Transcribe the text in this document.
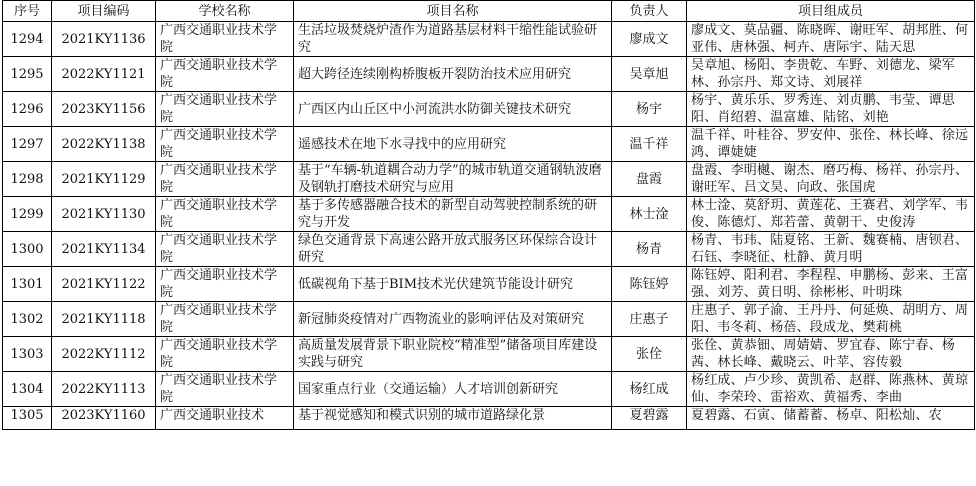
序号	项目编码	学校名称	项目名称	负责人	项目组成员
1294	2021KY1136	广西交通职业技术学院	生活垃圾焚烧炉渣作为道路基层材料干缩性能试验研究	廖成文	廖成文、莫品疆、陈晓晖、谢旺军、胡邦胜、何亚伟、唐林强、柯卉、唐际宇、陆天思
1295	2022KY1121	广西交通职业技术学院	超大跨径连续刚构桥腹板开裂防治技术应用研究	吴章旭	吴章旭、杨阳、李贵乾、车野、刘德龙、梁军林、孙宗丹、郑文诗、刘展祥
1296	2023KY1156	广西交通职业技术学院	广西区内山丘区中小河流洪水防御关键技术研究	杨宇	杨宇、黄乐乐、罗秀连、刘贞鹏、韦莹、谭思阳、肖绍碧、温富雄、陆铭、刘艳
1297	2022KY1138	广西交通职业技术学院	遥感技术在地下水寻找中的应用研究	温千祥	温千祥、叶桂谷、罗安仲、张佺、林长峰、徐远鸿、谭婕婕
1298	2021KY1129	广西交通职业技术学院	基于“车辆-轨道耦合动力学”的城市轨道交通钢轨波磨及钢轨打磨技术研究与应用	盘霞	盘霞、李明樾、谢杰、磨巧梅、杨祥、孙宗丹、谢旺军、吕文昊、向政、张国虎
1299	2021KY1130	广西交通职业技术学院	基于多传感器融合技术的新型自动驾驶控制系统的研究与开发	林士淦	林士淦、莫舒玥、黄莲花、王赛君、刘学军、韦俊、陈德灯、郑若蕾、黄朝干、史俊涛
1300	2021KY1134	广西交通职业技术学院	绿色交通背景下高速公路开放式服务区环保综合设计研究	杨青	杨青、韦玮、陆夏铭、王新、魏赛楠、唐钡君、石钰、李晓征、杜静、黄月明
1301	2021KY1122	广西交通职业技术学院	低碳视角下基于BIM技术光伏建筑节能设计研究	陈钰婷	陈钰婷、阳利君、李程程、申鹏杨、彭来、王富强、刘芳、黄日明、徐彬彬、叶明珠
1302	2021KY1118	广西交通职业技术学院	新冠肺炎疫情对广西物流业的影响评估及对策研究	庄惠子	庄惠子、郭子渝、王丹丹、何延焕、胡明方、周阳、韦冬莉、杨蓓、段成龙、樊莉桃
1303	2022KY1112	广西交通职业技术学院	高质量发展背景下职业院校“精准型”储备项目库建设实践与研究	张佺	张佺、黄恭钿、周婧婧、罗宜春、陈宁春、杨茜、林长峰、戴晓云、叶苹、容传毅
1304	2022KY1113	广西交通职业技术学院	国家重点行业（交通运输）人才培训创新研究	杨红成	杨红成、卢少珍、黄凯希、赵群、陈燕林、黄琼仙、李荣玲、雷裕欢、黄福秀、李曲
1305	2023KY1160	广西交通职业技术	基于视觉感知和模式识别的城市道路绿化景	夏碧露	夏碧露、石寅、储蓄蓄、杨卓、阳松灿、农
